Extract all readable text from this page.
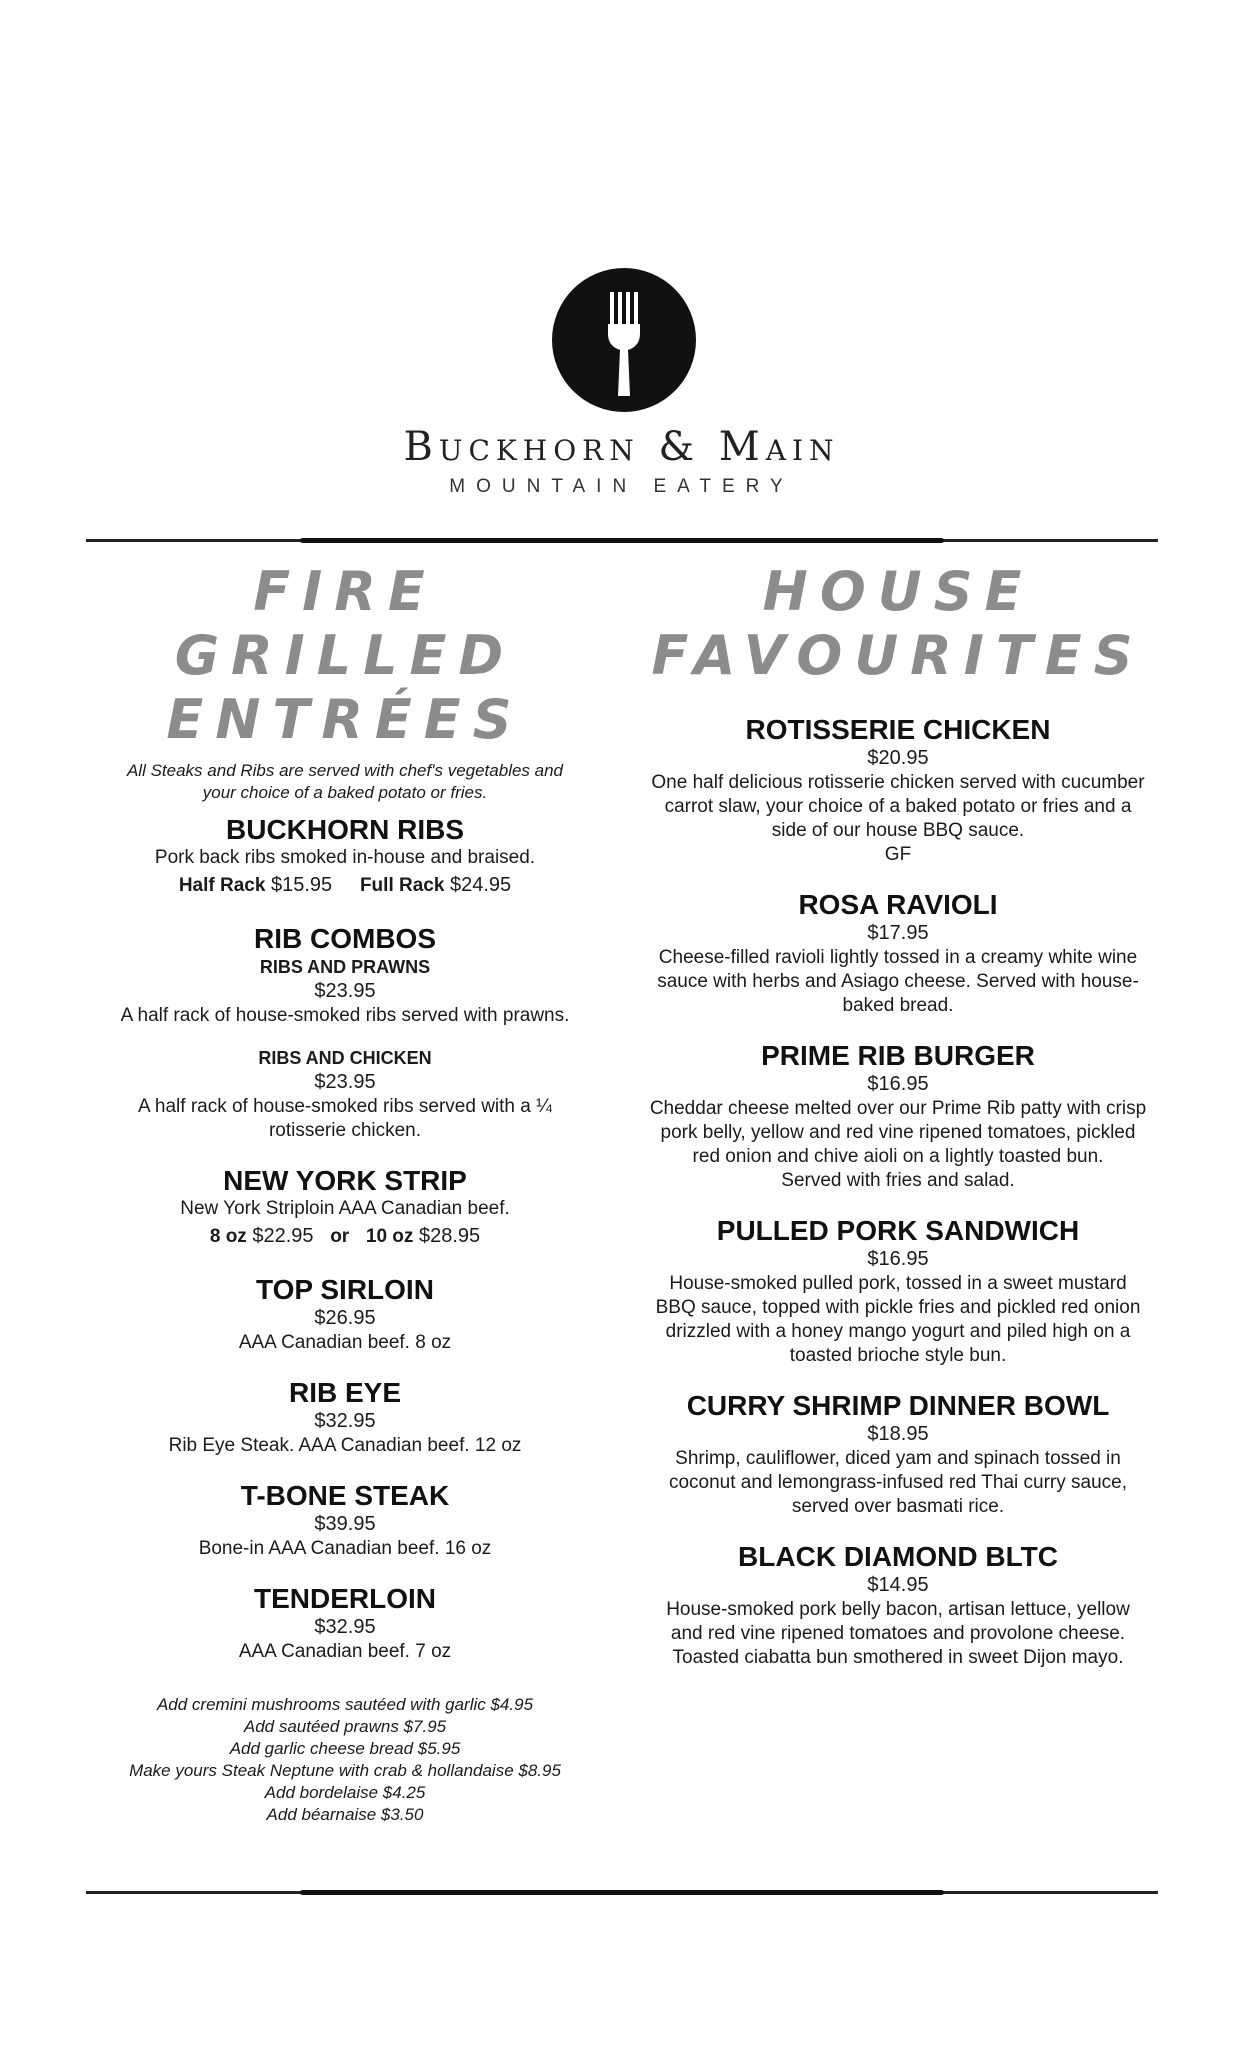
Buckhorn & Main
MOUNTAIN EATERY
FIRE GRILLED
ENTRÉES
All Steaks and Ribs are served with chef's vegetables and your choice of a baked potato or fries.
BUCKHORN RIBS
Pork back ribs smoked in-house and braised.
Half Rack $15.95 Full Rack $24.95
RIB COMBOS
RIBS AND PRAWNS
$23.95
A half rack of house-smoked ribs served with prawns.
RIBS AND CHICKEN
$23.95
A half rack of house-smoked ribs served with a ¼ rotisserie chicken.
NEW YORK STRIP
New York Striploin AAA Canadian beef.
8 oz $22.95 or 10 oz $28.95
TOP SIRLOIN
$26.95
AAA Canadian beef. 8 oz
RIB EYE
$32.95
Rib Eye Steak. AAA Canadian beef. 12 oz
T-BONE STEAK
$39.95
Bone-in AAA Canadian beef. 16 oz
TENDERLOIN
$32.95
AAA Canadian beef. 7 oz
Add cremini mushrooms sautéed with garlic $4.95
Add sautéed prawns $7.95
Add garlic cheese bread $5.95
Make yours Steak Neptune with crab & hollandaise $8.95
Add bordelaise $4.25
Add béarnaise $3.50
HOUSE
FAVOURITES
ROTISSERIE CHICKEN
$20.95
One half delicious rotisserie chicken served with cucumber carrot slaw, your choice of a baked potato or fries and a side of our house BBQ sauce.
GF
ROSA RAVIOLI
$17.95
Cheese-filled ravioli lightly tossed in a creamy white wine sauce with herbs and Asiago cheese. Served with house-baked bread.
PRIME RIB BURGER
$16.95
Cheddar cheese melted over our Prime Rib patty with crisp pork belly, yellow and red vine ripened tomatoes, pickled red onion and chive aioli on a lightly toasted bun.
Served with fries and salad.
PULLED PORK SANDWICH
$16.95
House-smoked pulled pork, tossed in a sweet mustard BBQ sauce, topped with pickle fries and pickled red onion drizzled with a honey mango yogurt and piled high on a toasted brioche style bun.
CURRY SHRIMP DINNER BOWL
$18.95
Shrimp, cauliflower, diced yam and spinach tossed in coconut and lemongrass-infused red Thai curry sauce, served over basmati rice.
BLACK DIAMOND BLTC
$14.95
House-smoked pork belly bacon, artisan lettuce, yellow and red vine ripened tomatoes and provolone cheese. Toasted ciabatta bun smothered in sweet Dijon mayo.
